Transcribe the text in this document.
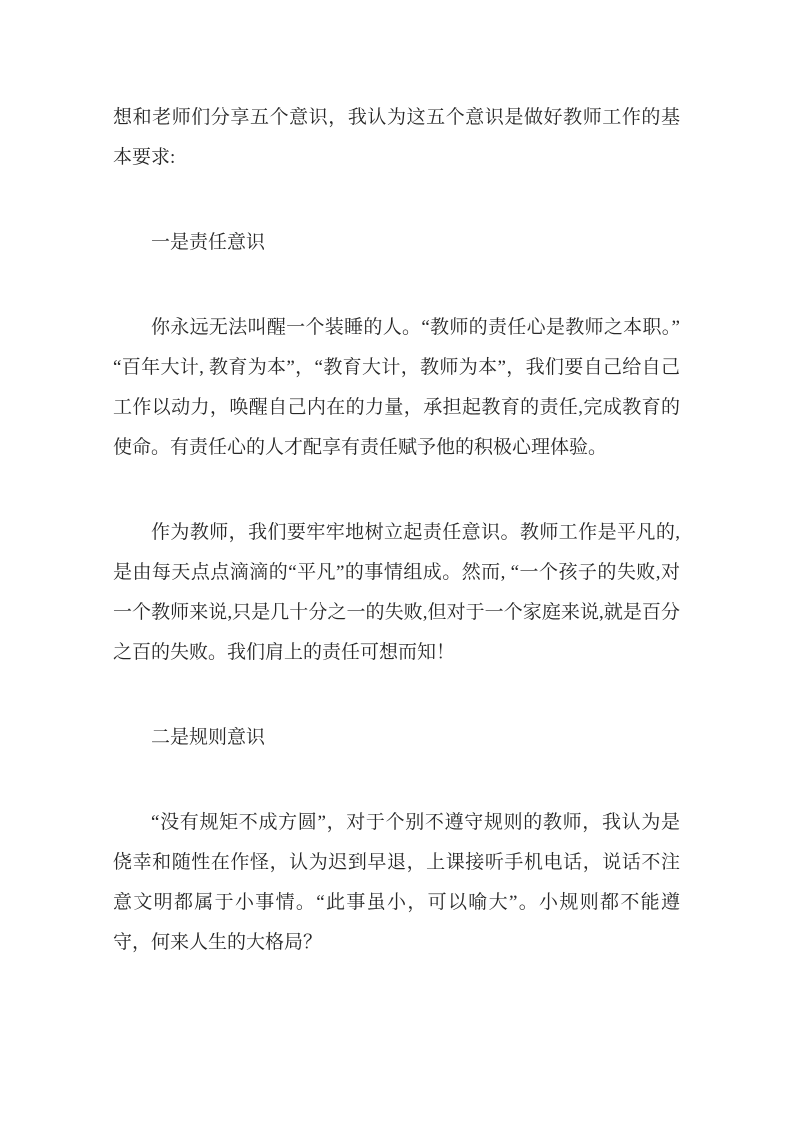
想和老师们分享五个意识，我认为这五个意识是做好教师工作的基本要求:

一是责任意识

你永远无法叫醒一个装睡的人。“教师的责任心是教师之本职。”“百年大计, 教育为本”，“教育大计，教师为本”，我们要自己给自己工作以动力，唤醒自己内在的力量，承担起教育的责任,完成教育的使命。有责任心的人才配享有责任赋予他的积极心理体验。

作为教师，我们要牢牢地树立起责任意识。教师工作是平凡的,是由每天点点滴滴的“平凡”的事情组成。然而, “一个孩子的失败,对一个教师来说,只是几十分之一的失败,但对于一个家庭来说,就是百分之百的失败。我们肩上的责任可想而知！

二是规则意识

“没有规矩不成方圆”，对于个别不遵守规则的教师，我认为是侥幸和随性在作怪，认为迟到早退，上课接听手机电话，说话不注意文明都属于小事情。“此事虽小，可以喻大”。小规则都不能遵守，何来人生的大格局？
